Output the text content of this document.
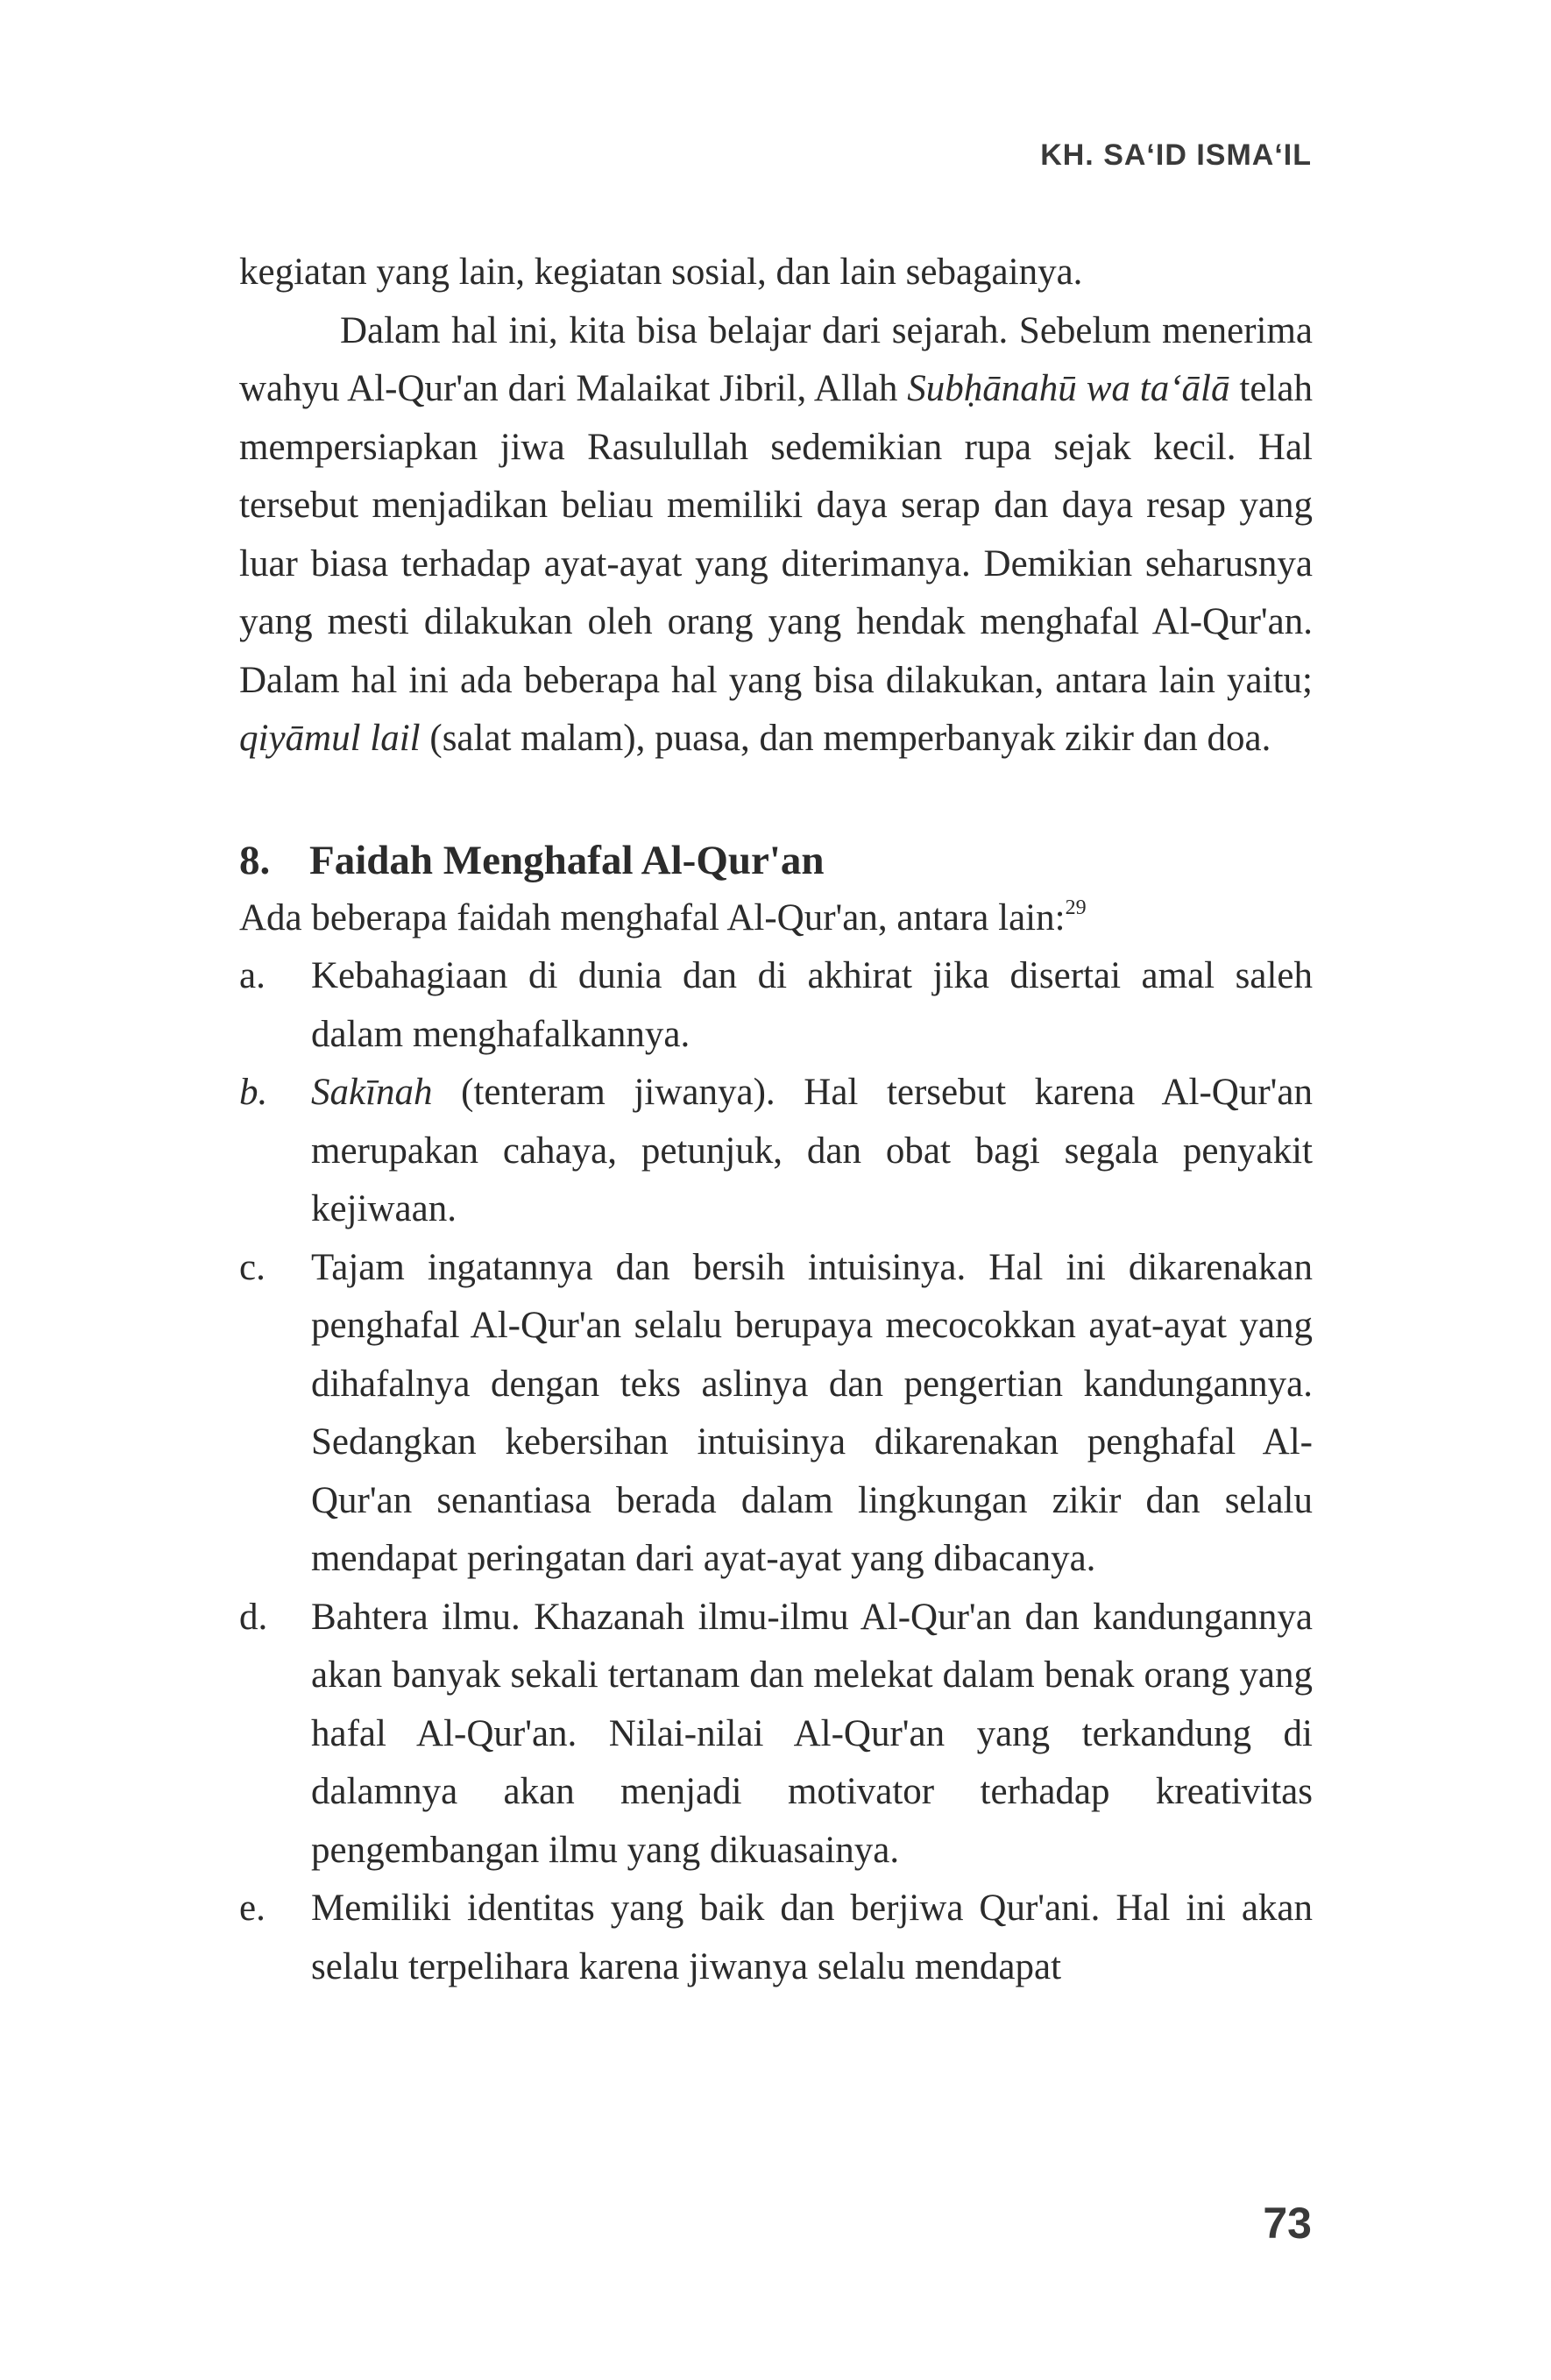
KH. SA‘ID ISMA‘IL

kegiatan yang lain, kegiatan sosial, dan lain sebagainya.

Dalam hal ini, kita bisa belajar dari sejarah. Sebelum menerima wahyu Al-Qur'an dari Malaikat Jibril, Allah Subḥānahū wa ta‘ālā telah mempersiapkan jiwa Rasulullah sedemikian rupa sejak kecil. Hal tersebut menjadikan beliau memiliki daya serap dan daya resap yang luar biasa terhadap ayat-ayat yang diterimanya. Demikian seharusnya yang mesti dilakukan oleh orang yang hendak menghafal Al-Qur'an. Dalam hal ini ada beberapa hal yang bisa dilakukan, antara lain yaitu; qiyāmul lail (salat malam), puasa, dan memperbanyak zikir dan doa.

8. Faidah Menghafal Al-Qur'an

Ada beberapa faidah menghafal Al-Qur'an, antara lain:$^{29}$

a.	Kebahagiaan di dunia dan di akhirat jika disertai amal saleh dalam menghafalkannya.
b.	Sakīnah (tenteram jiwanya). Hal tersebut karena Al-Qur'an merupakan cahaya, petunjuk, dan obat bagi segala penyakit kejiwaan.
c.	Tajam ingatannya dan bersih intuisinya. Hal ini dikarenakan penghafal Al-Qur'an selalu berupaya mecocokkan ayat-ayat yang dihafalnya dengan teks aslinya dan pengertian kandungannya. Sedangkan kebersihan intuisinya dikarenakan penghafal Al-Qur'an senantiasa berada dalam lingkungan zikir dan selalu mendapat peringatan dari ayat-ayat yang dibacanya.
d.	Bahtera ilmu. Khazanah ilmu-ilmu Al-Qur'an dan kandungannya akan banyak sekali tertanam dan melekat dalam benak orang yang hafal Al-Qur'an. Nilai-nilai Al-Qur'an yang terkandung di dalamnya akan menjadi motivator terhadap kreativitas pengembangan ilmu yang dikuasainya.
e.	Memiliki identitas yang baik dan berjiwa Qur'ani. Hal ini akan selalu terpelihara karena jiwanya selalu mendapat
73
